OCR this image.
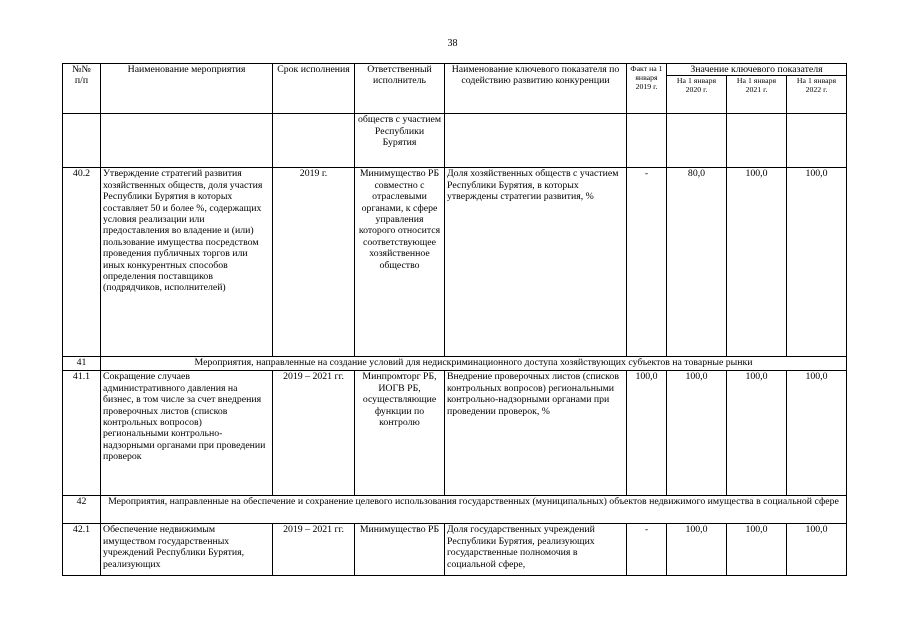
38
№№
п/п	Наименование мероприятия	Срок исполнения	Ответственный исполнитель	Наименование ключевого показателя по содействию развитию конкуренции	Факт на 1 января 2019 г.	Значение ключевого показателя		
						На 1 января 2020 г.	На 1 января 2021 г.	На 1 января 2022 г.
			обществ с участием Республики Бурятия					
40.2	Утверждение стратегий развития хозяйственных обществ, доля участия Республики Бурятия в которых составляет 50 и более %, содержащих условия реализации или предоставления во владение и (или) пользование имущества посредством проведения публичных торгов или иных конкурентных способов определения поставщиков (подрядчиков, исполнителей)	2019 г.	Минимущество РБ совместно с отраслевыми органами, к сфере управления которого относится соответствующее хозяйственное общество	Доля хозяйственных обществ с участием Республики Бурятия, в которых утверждены стратегии развития, %	-	80,0	100,0	100,0
41	Мероприятия, направленные на создание условий для недискриминационного доступа хозяйствующих субъектов на товарные рынки							
41.1	Сокращение случаев административного давления на бизнес, в том числе за счет внедрения проверочных листов (списков контрольных вопросов) региональными контрольно-надзорными органами при проведении проверок	2019 – 2021 гг.	Минпромторг РБ, ИОГВ РБ, осуществляющие функции по контролю	Внедрение проверочных листов (списков контрольных вопросов) региональными контрольно-надзорными органами при проведении проверок, %	100,0	100,0	100,0	100,0
42	Мероприятия, направленные на обеспечение и сохранение целевого использования государственных (муниципальных) объектов недвижимого имущества в социальной сфере							
42.1	Обеспечение недвижимым имуществом государственных учреждений Республики Бурятия, реализующих	2019 – 2021 гг.	Минимущество РБ	Доля государственных учреждений Республики Бурятия, реализующих государственные полномочия в социальной сфере,	-	100,0	100,0	100,0
